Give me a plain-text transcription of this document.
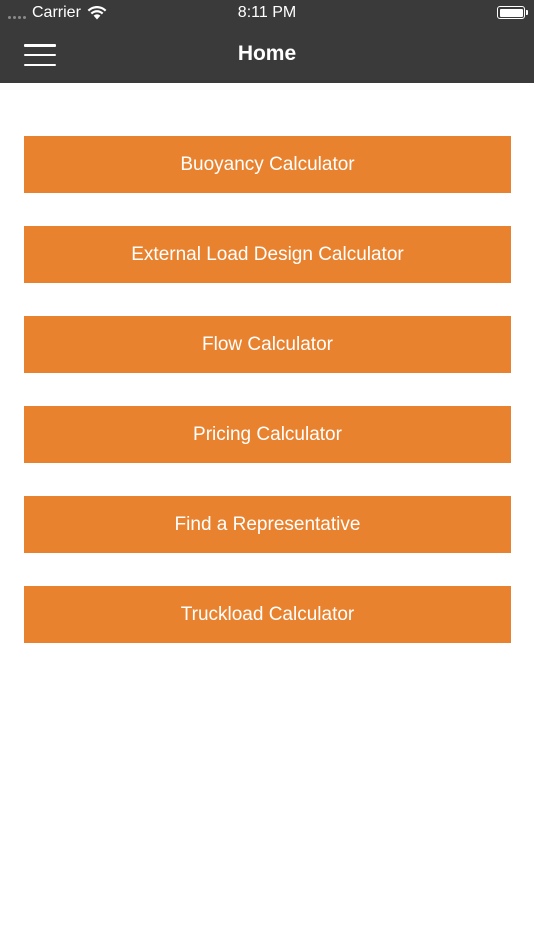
Carrier	8:11 PM
Home
Buoyancy Calculator
External Load Design Calculator
Flow Calculator
Pricing Calculator
Find a Representative
Truckload Calculator
